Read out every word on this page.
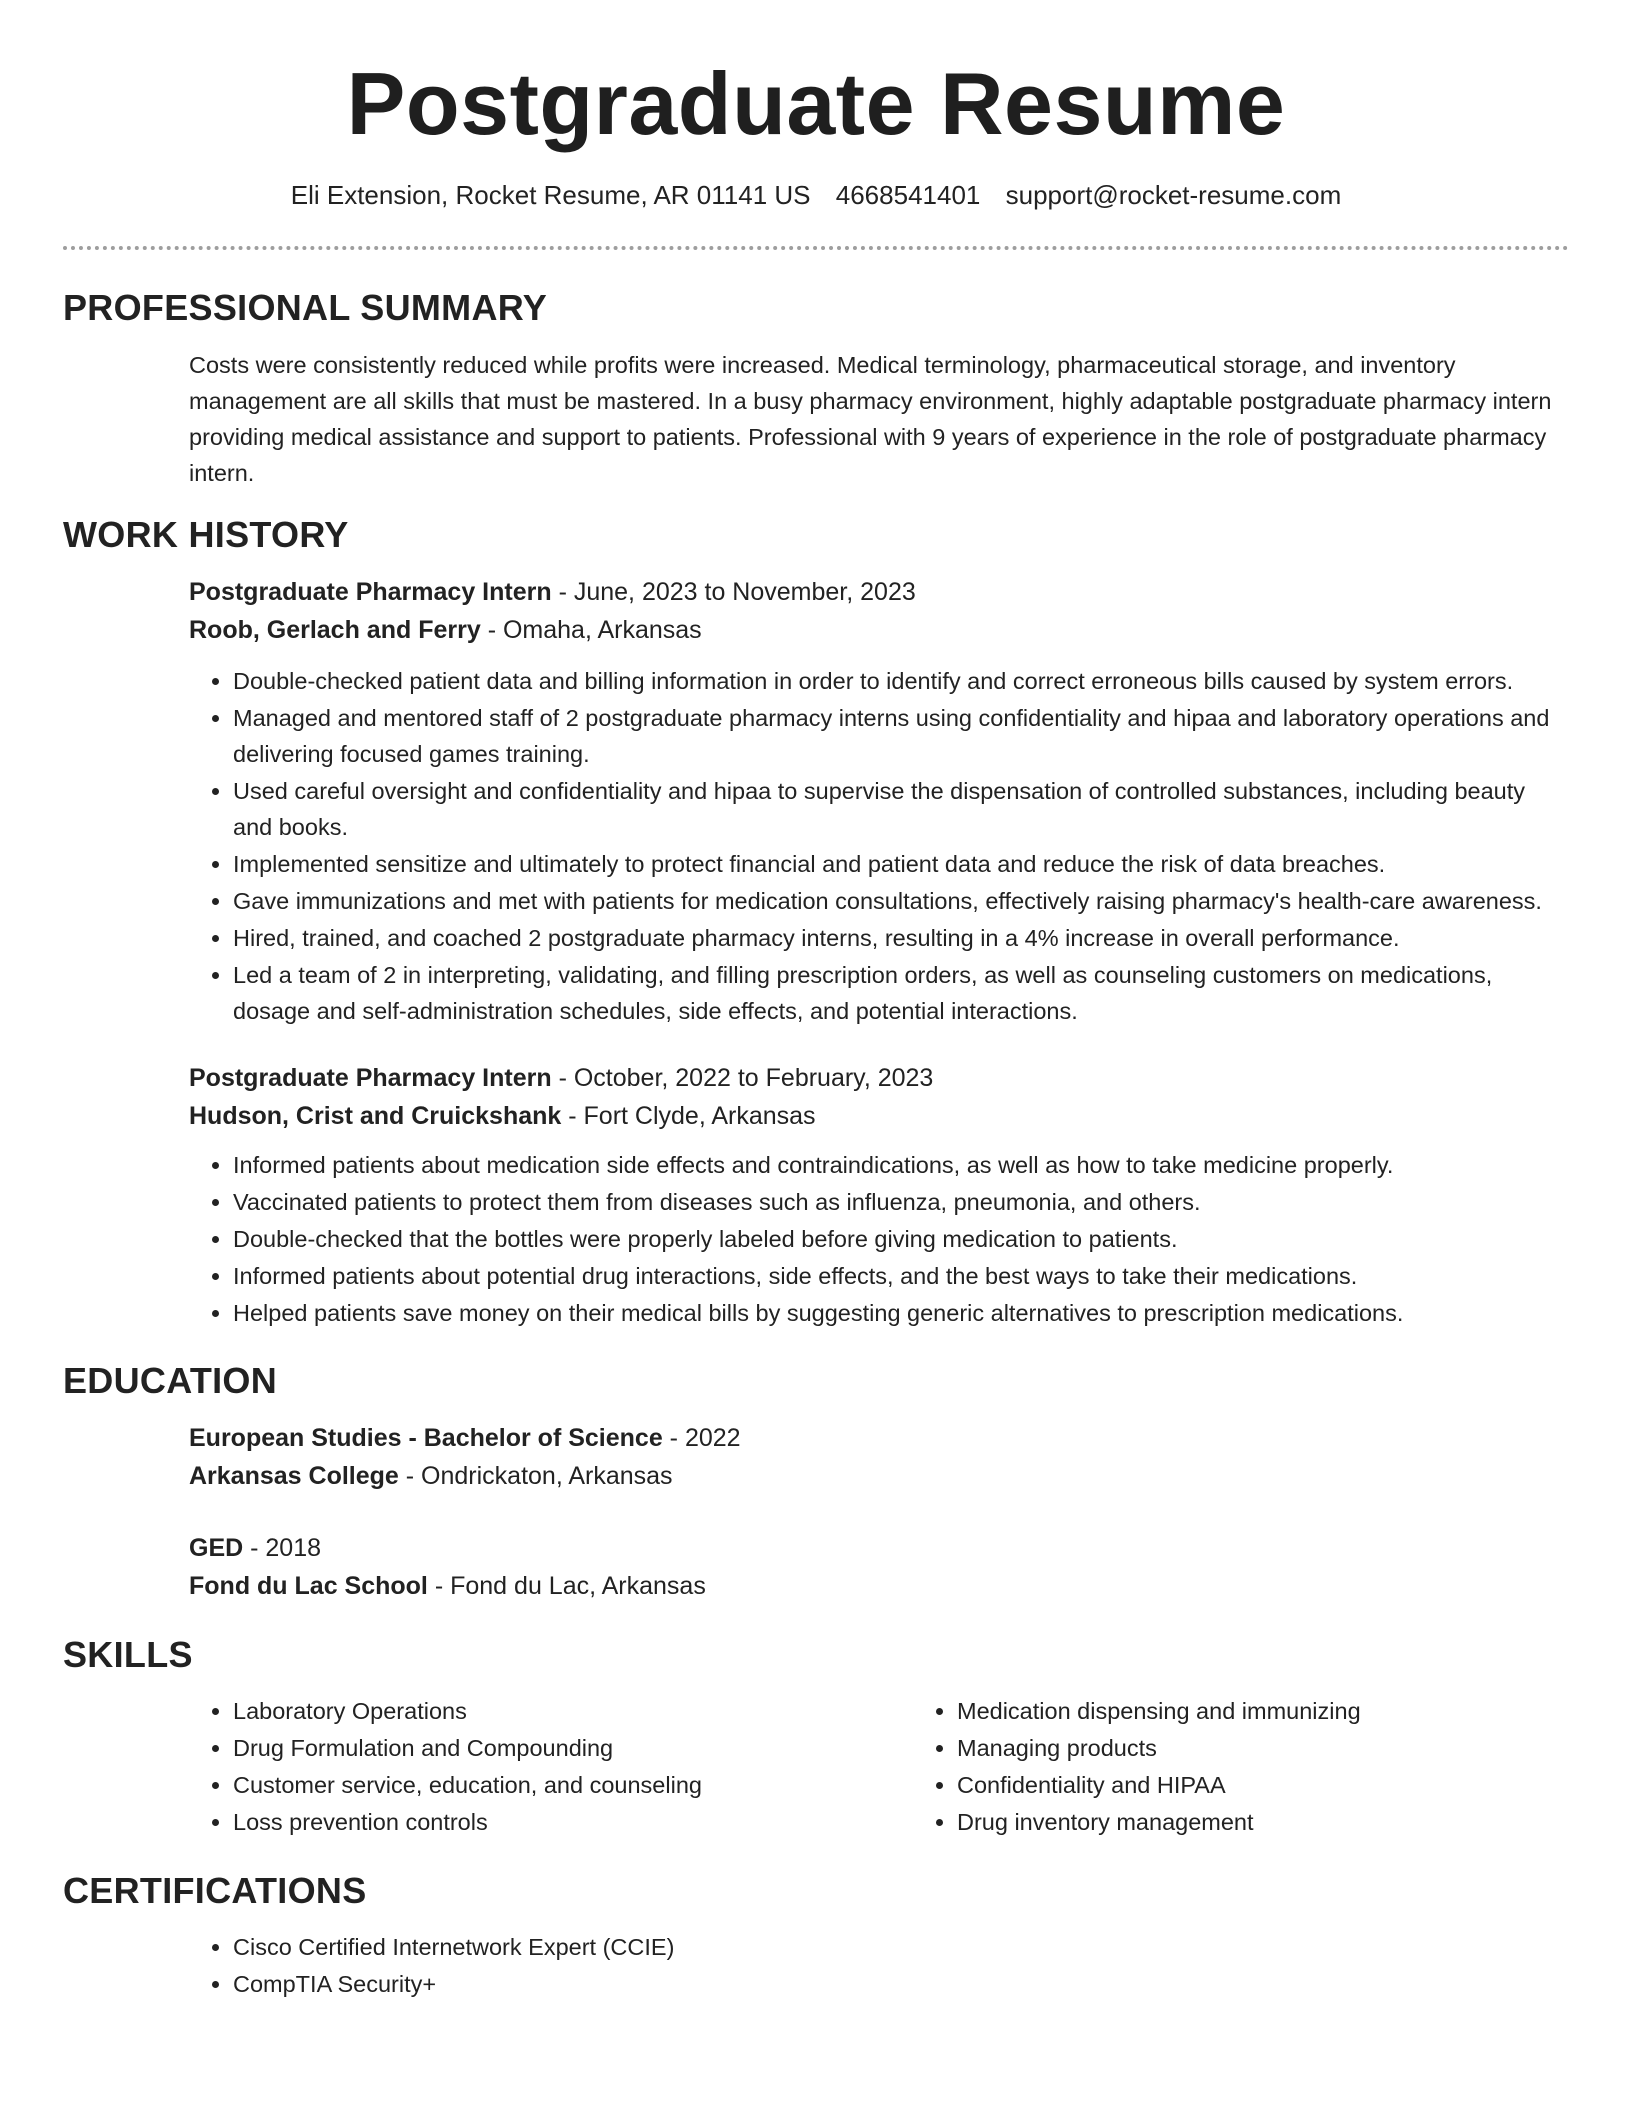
Postgraduate Resume
Eli Extension, Rocket Resume, AR 01141 US 4668541401 support@rocket-resume.com
PROFESSIONAL SUMMARY

Costs were consistently reduced while profits were increased. Medical terminology, pharmaceutical storage, and inventory management are all skills that must be mastered. In a busy pharmacy environment, highly adaptable postgraduate pharmacy intern providing medical assistance and support to patients. Professional with 9 years of experience in the role of postgraduate pharmacy intern.

WORK HISTORY
Postgraduate Pharmacy Intern - June, 2023 to November, 2023
Roob, Gerlach and Ferry - Omaha, Arkansas
• Double-checked patient data and billing information in order to identify and correct erroneous bills caused by system errors.
• Managed and mentored staff of 2 postgraduate pharmacy interns using confidentiality and hipaa and laboratory operations and delivering focused games training.
• Used careful oversight and confidentiality and hipaa to supervise the dispensation of controlled substances, including beauty and books.
• Implemented sensitize and ultimately to protect financial and patient data and reduce the risk of data breaches.
• Gave immunizations and met with patients for medication consultations, effectively raising pharmacy's health-care awareness.
• Hired, trained, and coached 2 postgraduate pharmacy interns, resulting in a 4% increase in overall performance.
• Led a team of 2 in interpreting, validating, and filling prescription orders, as well as counseling customers on medications, dosage and self-administration schedules, side effects, and potential interactions.
Postgraduate Pharmacy Intern - October, 2022 to February, 2023
Hudson, Crist and Cruickshank - Fort Clyde, Arkansas
• Informed patients about medication side effects and contraindications, as well as how to take medicine properly.
• Vaccinated patients to protect them from diseases such as influenza, pneumonia, and others.
• Double-checked that the bottles were properly labeled before giving medication to patients.
• Informed patients about potential drug interactions, side effects, and the best ways to take their medications.
• Helped patients save money on their medical bills by suggesting generic alternatives to prescription medications.
EDUCATION
European Studies - Bachelor of Science - 2022
Arkansas College - Ondrickaton, Arkansas
GED - 2018
Fond du Lac School - Fond du Lac, Arkansas
SKILLS
• Laboratory Operations
• Drug Formulation and Compounding
• Customer service, education, and counseling
• Loss prevention controls
• Medication dispensing and immunizing
• Managing products
• Confidentiality and HIPAA
• Drug inventory management
CERTIFICATIONS
• Cisco Certified Internetwork Expert (CCIE)
• CompTIA Security+
